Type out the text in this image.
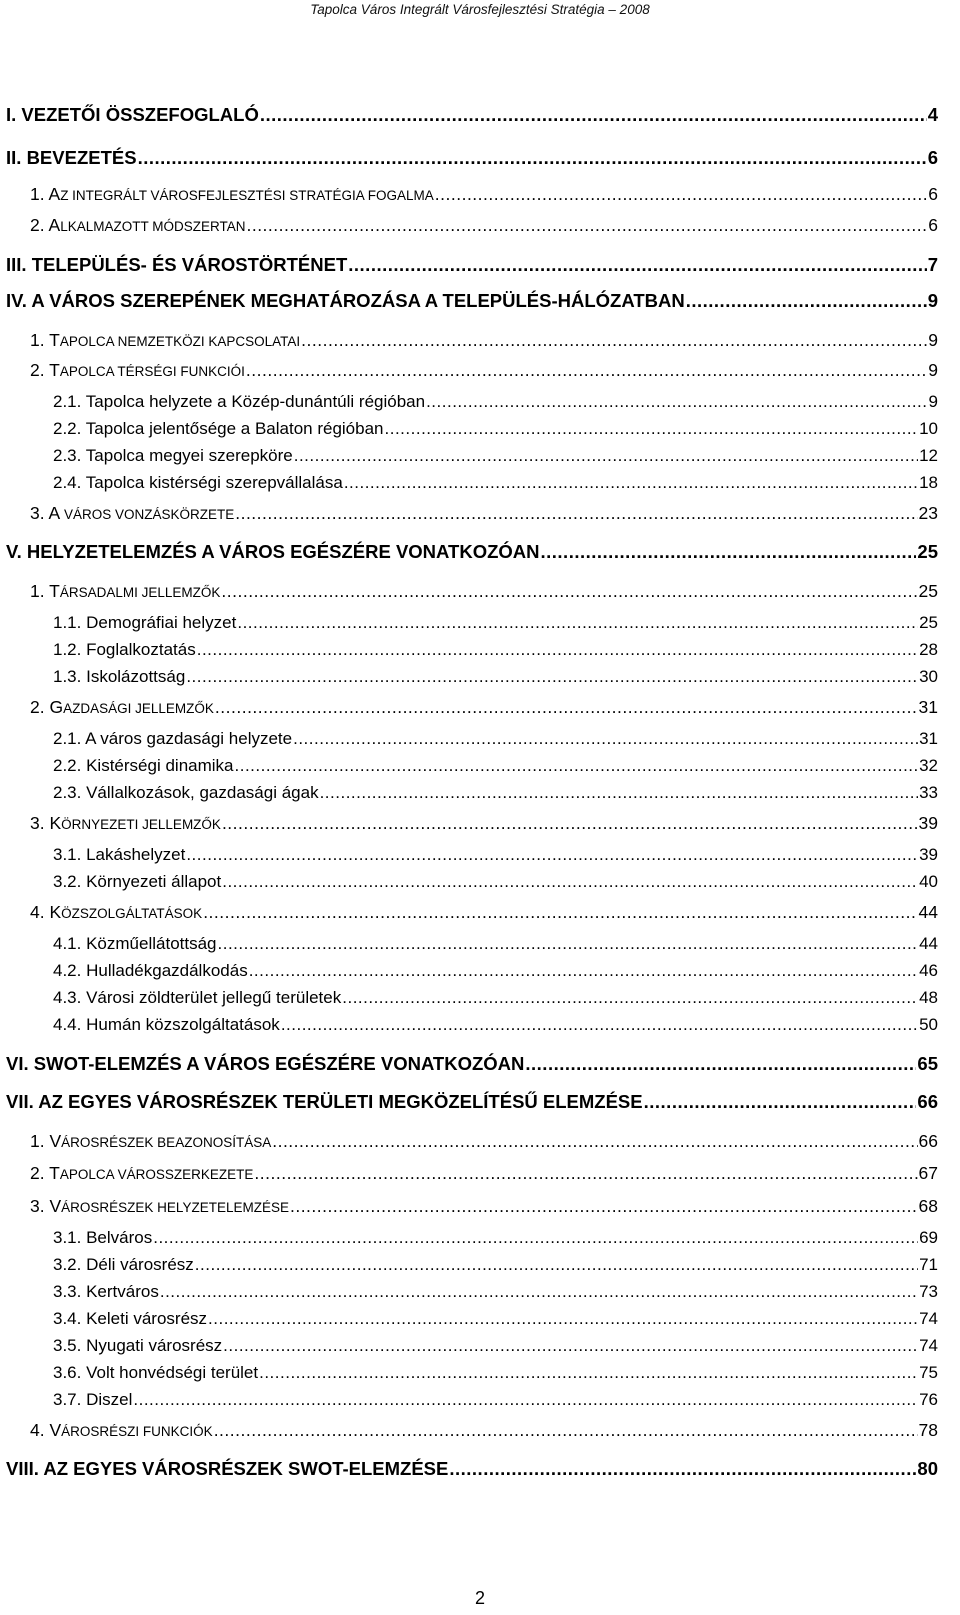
Tapolca Város Integrált Városfejlesztési Stratégia – 2008
I. VEZETŐI ÖSSZEFOGLALÓ .....	4
II. BEVEZETÉS .....	6
1. AZ INTEGRÁLT VÁROSFEJLESZTÉSI STRATÉGIA FOGALMA .....	6
2. ALKALMAZOTT MÓDSZERTAN .....	6
III. TELEPÜLÉS- ÉS VÁROSTÖRTÉNET .....	7
IV. A VÁROS SZEREPÉNEK MEGHATÁROZÁSA A TELEPÜLÉS-HÁLÓZATBAN .....	9
1. TAPOLCA NEMZETKÖZI KAPCSOLATAI .....	9
2. TAPOLCA TÉRSÉGI FUNKCIÓI .....	9
2.1. Tapolca helyzete a Közép-dunántúli régióban .....	9
2.2. Tapolca jelentősége a Balaton régióban .....	10
2.3. Tapolca megyei szerepköre .....	12
2.4. Tapolca kistérségi szerepvállalása .....	18
3. A VÁROS VONZÁSKÖRZETE .....	23
V. HELYZETELEMZÉS A VÁROS EGÉSZÉRE VONATKOZÓAN .....	25
1. TÁRSADALMI JELLEMZŐK .....	25
1.1. Demográfiai helyzet .....	25
1.2. Foglalkoztatás .....	28
1.3. Iskolázottság .....	30
2. GAZDASÁGI JELLEMZŐK .....	31
2.1. A város gazdasági helyzete .....	31
2.2. Kistérségi dinamika .....	32
2.3. Vállalkozások, gazdasági ágak .....	33
3. KÖRNYEZETI JELLEMZŐK .....	39
3.1. Lakáshelyzet .....	39
3.2. Környezeti állapot .....	40
4. KÖZSZOLGÁLTATÁSOK .....	44
4.1. Közműellátottság .....	44
4.2. Hulladékgazdálkodás .....	46
4.3. Városi zöldterület jellegű területek .....	48
4.4. Humán közszolgáltatások .....	50
VI. SWOT-ELEMZÉS A VÁROS EGÉSZÉRE VONATKOZÓAN .....	65
VII. AZ EGYES VÁROSRÉSZEK TERÜLETI MEGKÖZELÍTÉSŰ ELEMZÉSE .....	66
1. VÁROSRÉSZEK BEAZONOSÍTÁSA .....	66
2. TAPOLCA VÁROSSZERKEZETE .....	67
3. VÁROSRÉSZEK HELYZETELEMZÉSE .....	68
3.1. Belváros .....	69
3.2. Déli városrész .....	71
3.3. Kertváros .....	73
3.4. Keleti városrész .....	74
3.5. Nyugati városrész .....	74
3.6. Volt honvédségi terület .....	75
3.7. Diszel .....	76
4. VÁROSRÉSZI FUNKCIÓK .....	78
VIII. AZ EGYES VÁROSRÉSZEK SWOT-ELEMZÉSE .....	80
2
